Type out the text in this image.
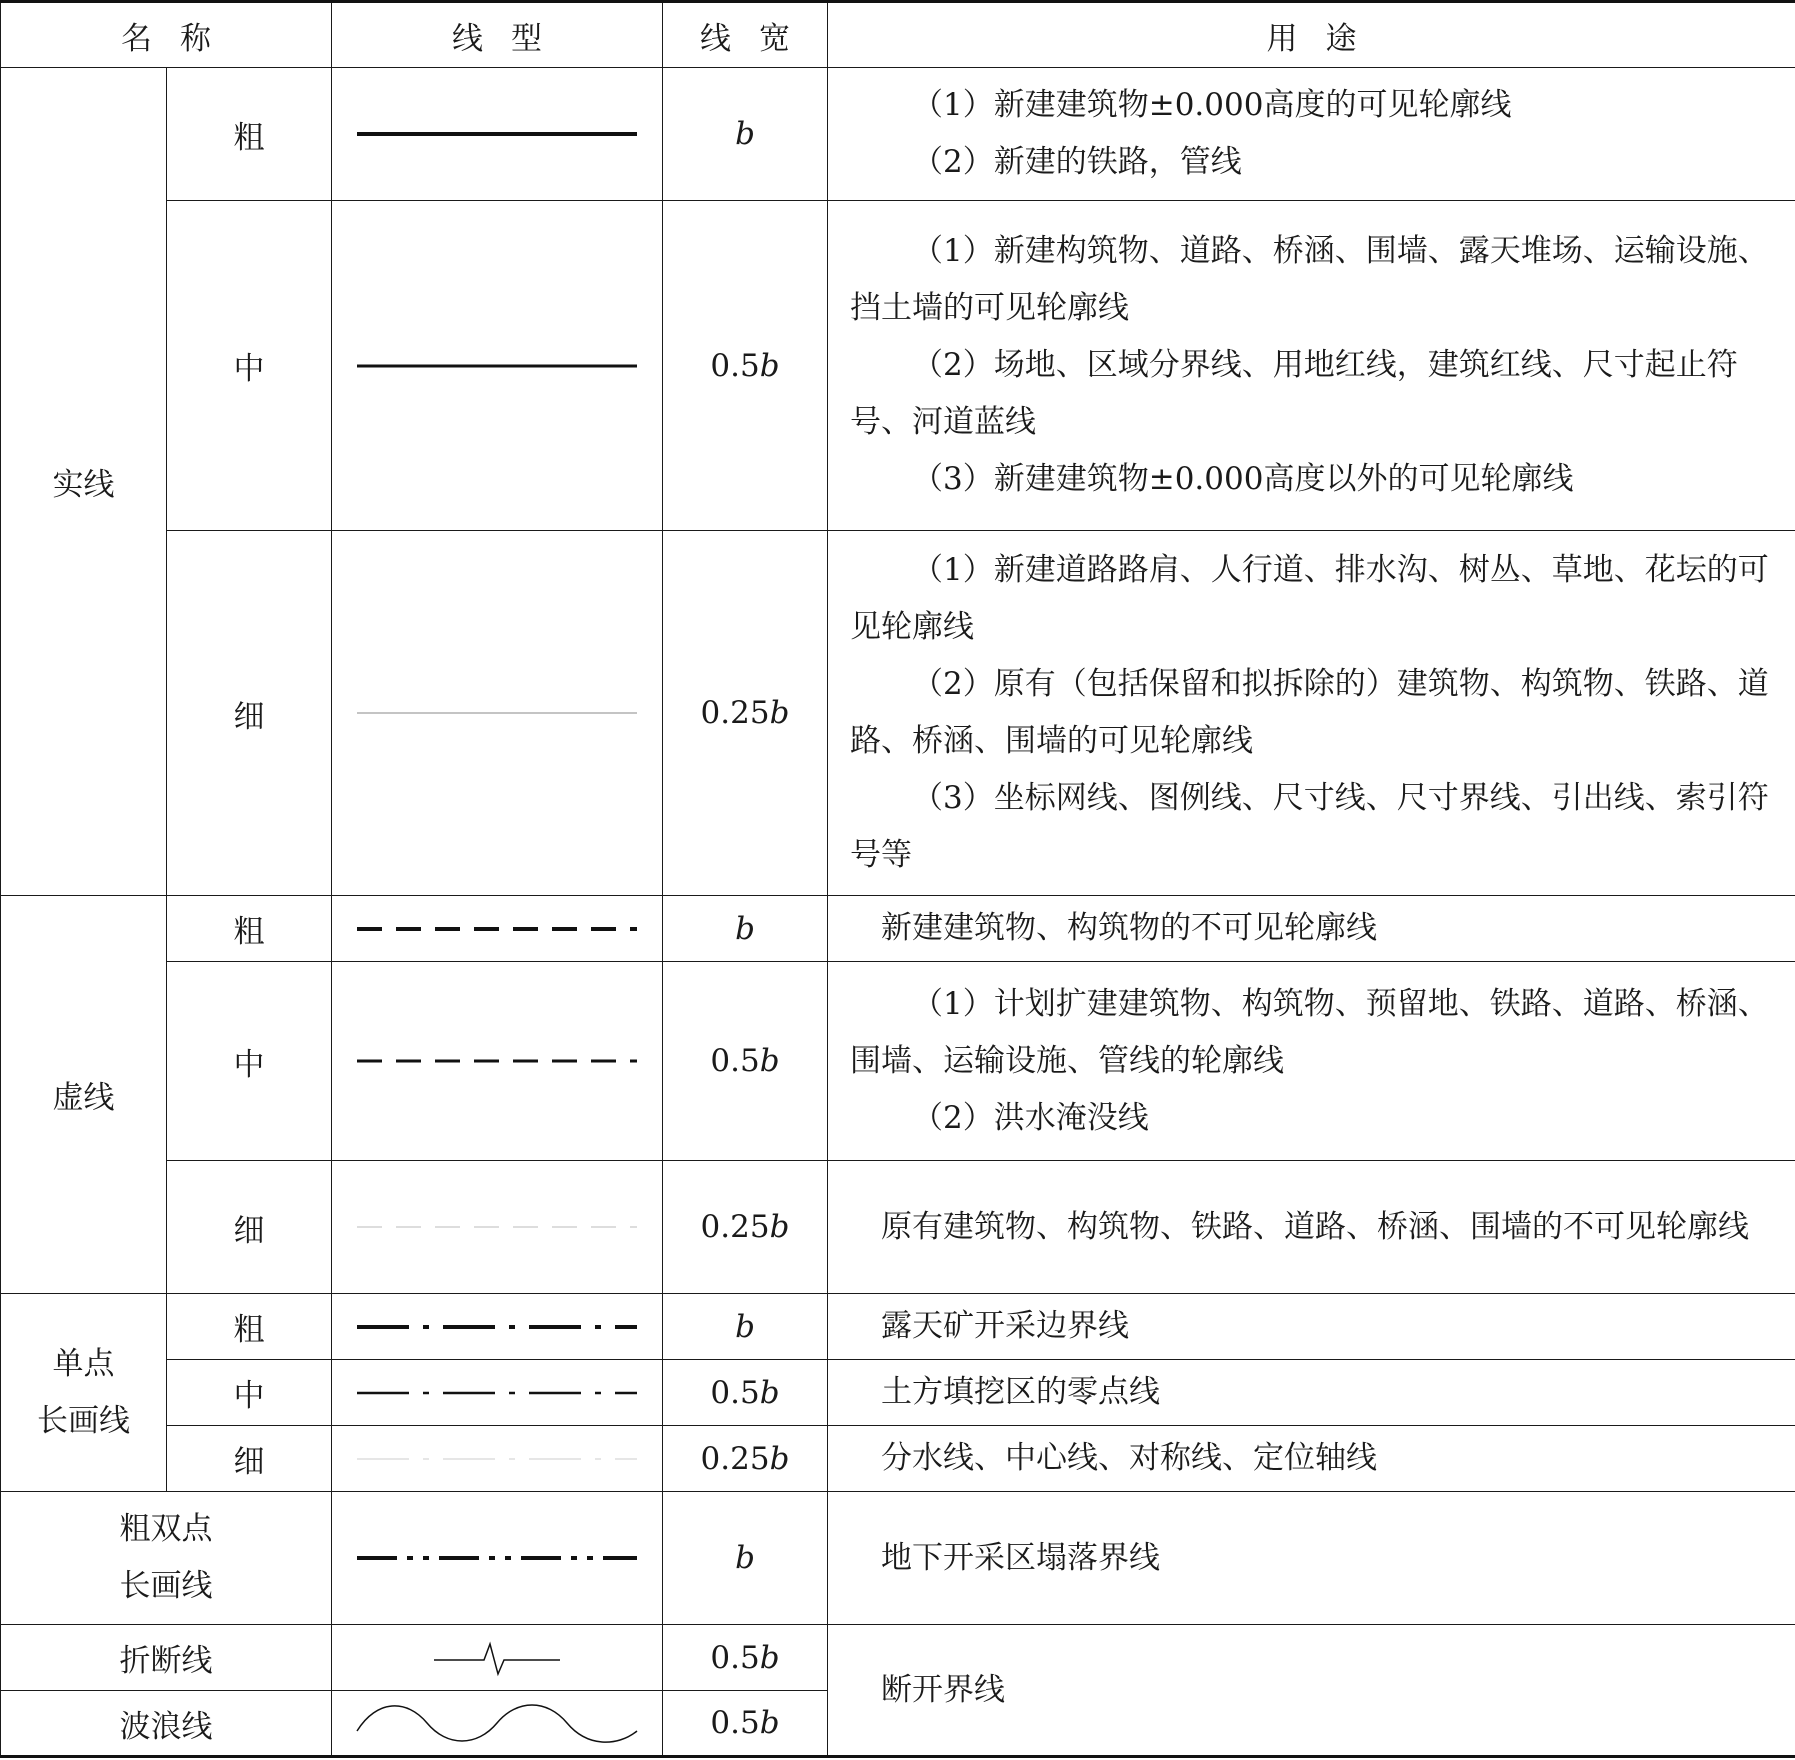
名称		线型	线宽	用途
实线	粗		b	（1）新建建筑物±0.000高度的可见轮廓线

（2）新建的铁路，管线

	中		0.5b	（1）新建构筑物、道路、桥涵、围墙、露天堆场、运输设施、挡土墙的可见轮廓线

（2）场地、区域分界线、用地红线，建筑红线、尺寸起止符号、河道蓝线

（3）新建建筑物±0.000高度以外的可见轮廓线

	细		0.25b	（1）新建道路路肩、人行道、排水沟、树丛、草地、花坛的可见轮廓线

（2）原有（包括保留和拟拆除的）建筑物、构筑物、铁路、道路、桥涵、围墙的可见轮廓线

（3）坐标网线、图例线、尺寸线、尺寸界线、引出线、索引符号等

虚线	粗		b	新建建筑物、构筑物的不可见轮廓线

	中		0.5b	（1）计划扩建建筑物、构筑物、预留地、铁路、道路、桥涵、围墙、运输设施、管线的轮廓线

（2）洪水淹没线

	细		0.25b	原有建筑物、构筑物、铁路、道路、桥涵、围墙的不可见轮廓线

单点
长画线	粗		b	露天矿开采边界线

	中		0.5b	土方填挖区的零点线

	细		0.25b	分水线、中心线、对称线、定位轴线

粗双点
长画线			b	地下开采区塌落界线

折断线			0.5b	断开界线

波浪线			0.5b	
